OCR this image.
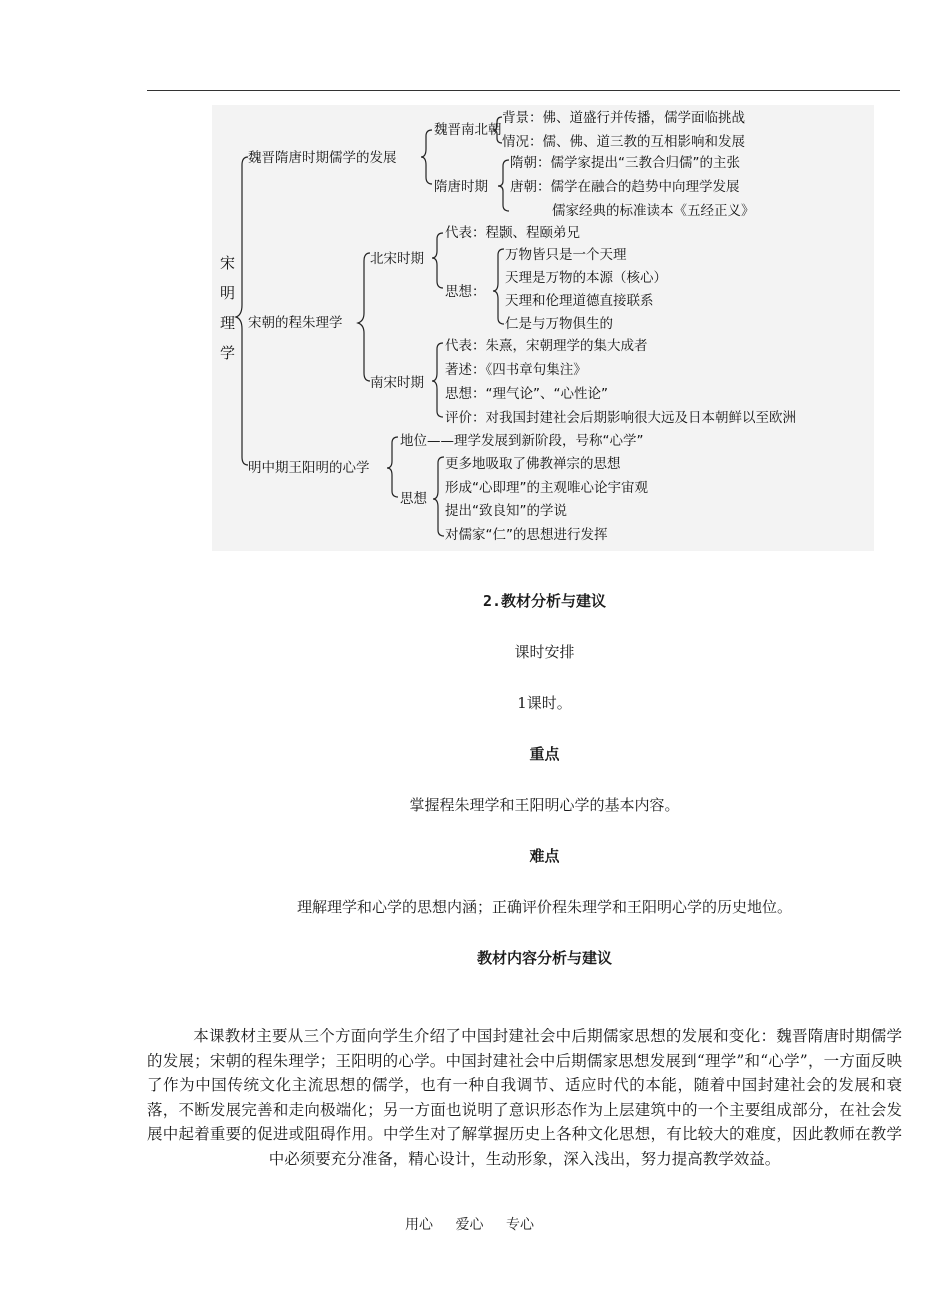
宋
明
理
学
魏晋隋唐时期儒学的发展
魏晋南北朝
背景：佛、道盛行并传播，儒学面临挑战
情况：儒、佛、道三教的互相影响和发展
隋唐时期
隋朝：儒学家提出“三教合归儒”的主张
唐朝：儒学在融合的趋势中向理学发展
儒家经典的标准读本《五经正义》
宋朝的程朱理学
北宋时期
代表：程颢、程颐弟兄
思想：
万物皆只是一个天理
天理是万物的本源（核心）
天理和伦理道德直接联系
仁是与万物俱生的
南宋时期
代表：朱熹，宋朝理学的集大成者
著述：《四书章句集注》
思想：“理气论”、“心性论”
评价：对我国封建社会后期影响很大远及日本朝鲜以至欧洲
明中期王阳明的心学
地位——理学发展到新阶段，号称“心学”
思想
更多地吸取了佛教禅宗的思想
形成“心即理”的主观唯心论宇宙观
提出“致良知”的学说
对儒家“仁”的思想进行发挥
2.教材分析与建议
课时安排
1课时。
重点
掌握程朱理学和王阳明心学的基本内容。
难点
理解理学和心学的思想内涵；正确评价程朱理学和王阳明心学的历史地位。
教材内容分析与建议
本课教材主要从三个方面向学生介绍了中国封建社会中后期儒家思想的发展和变化：魏晋隋唐时期儒学的发展；宋朝的程朱理学；王阳明的心学。中国封建社会中后期儒家思想发展到“理学”和“心学”，一方面反映了作为中国传统文化主流思想的儒学，也有一种自我调节、适应时代的本能，随着中国封建社会的发展和衰落，不断发展完善和走向极端化；另一方面也说明了意识形态作为上层建筑中的一个主要组成部分，在社会发展中起着重要的促进或阻碍作用。中学生对了解掌握历史上各种文化思想，有比较大的难度，因此教师在教学中必须要充分准备，精心设计，生动形象，深入浅出，努力提高教学效益。
用心 爱心 专心
